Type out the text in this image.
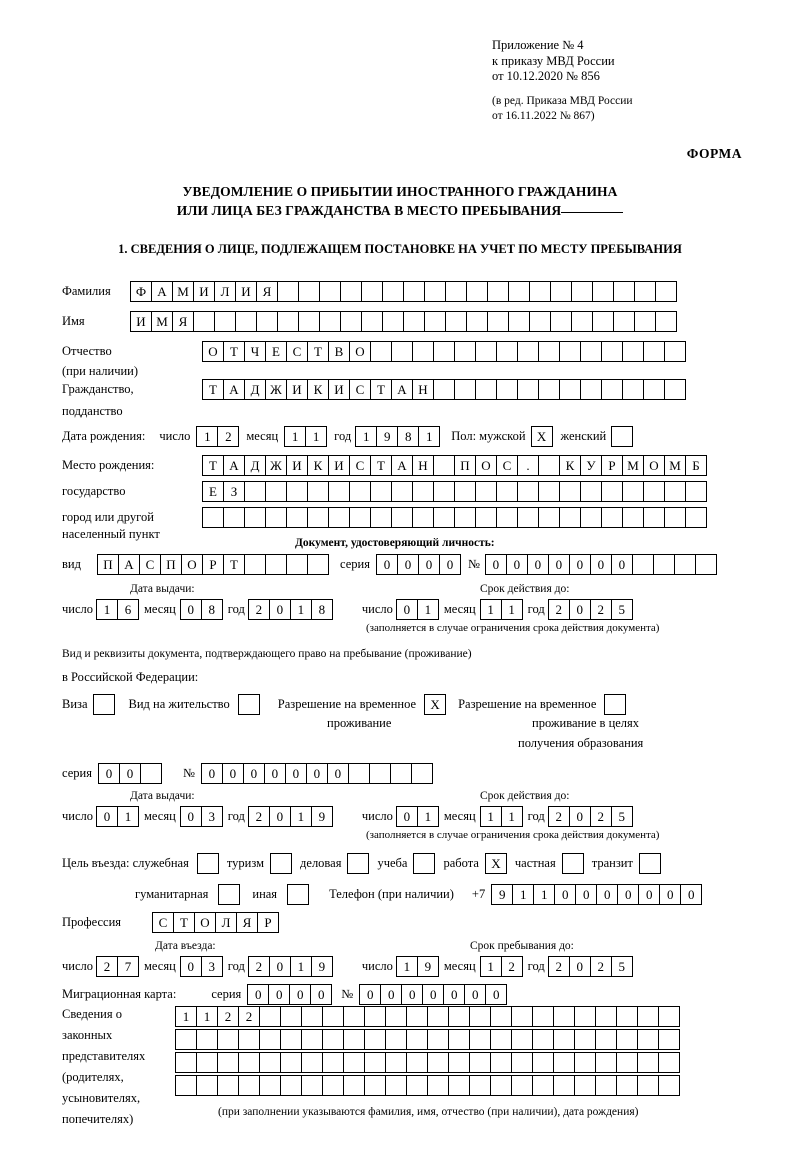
Приложение № 4
к приказу МВД России
от 10.12.2020 № 856
(в ред. Приказа МВД России
от 16.11.2022 № 867)
ФОРМА
УВЕДОМЛЕНИЕ О ПРИБЫТИИ ИНОСТРАННОГО ГРАЖДАНИНА
ИЛИ ЛИЦА БЕЗ ГРАЖДАНСТВА В МЕСТО ПРЕБЫВАНИЯ
1. СВЕДЕНИЯ О ЛИЦЕ, ПОДЛЕЖАЩЕМ ПОСТАНОВКЕ НА УЧЕТ ПО МЕСТУ ПРЕБЫВАНИЯ
Фамилия	Ф А М И Л И Я
Имя	И М Я
Отчество	О Т Ч Е С Т В О
(при наличии)
Гражданство,	Т А Д Ж И К И С Т А Н
подданство
Дата рождения: число	1	2	месяц	1	1	год 1	9	8	1	Пол: мужской X	женский
Место рождения:	Т А Д Ж И К И С Т А Н	П О С	.	К У Р М О М Б
государство	Е	З
город или другой
населенный пункт
Документ, удостоверяющий личность:
вид	П А С П О Р	Т	серия	0	0	0	0	№ 0	0	0	0	0	0	0
Дата выдачи:	Срок действия до:
число 1	6	месяц 0	8	год 2	0	1	8	число 0	1	месяц 1	1	год 2	0	2	5
(заполняется в случае ограничения срока действия документа)
Вид и реквизиты документа, подтверждающего право на пребывание (проживание)
в Российской Федерации:
Виза	Вид на жительство	Разрешение на временное	X	Разрешение на временное
проживание	проживание в целях
получения образования
серия	0	0	№	0	0	0	0	0	0	0
Дата выдачи:	Срок действия до:
число 0	1	месяц 0	3	год 2	0	1	9	число 0	1	месяц 1	1	год 2	0	2	5
(заполняется в случае ограничения срока действия документа)
Цель въезда: служебная	туризм	деловая	учеба	работа X	частная	транзит
гуманитарная	иная	Телефон (при наличии) +7	9	1	1	0	0	0	0	0	0	0
Профессия	С Т О Л Я	Р
Дата въезда:	Срок пребывания до:
число 2	7	месяц 0	3	год 2	0	1	9	число 1	9	месяц 1	2	год 2	0	2	5
Миграционная карта:	серия	0	0	0	0	№	0	0	0	0	0	0	0
Сведения о
законных
представителях
(родителях,
усыновителях,
попечителях)
1	1	2	2
(при заполнении указываются фамилия, имя, отчество (при наличии), дата рождения)
